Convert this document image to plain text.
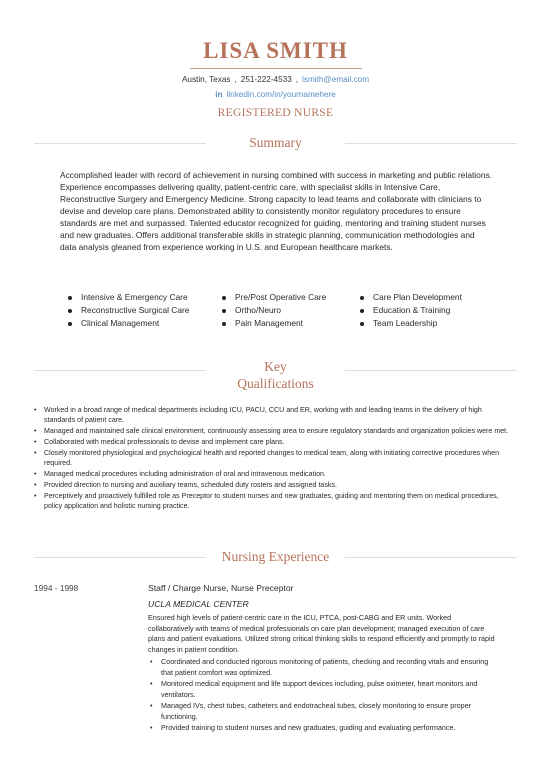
LISA SMITH
Austin, Texas , 251-222-4533 , lsmith@email.com
in linkedin.com/in/yournamehere
REGISTERED NURSE
Summary

Accomplished leader with record of achievement in nursing combined with success in marketing and public relations. Experience encompasses delivering quality, patient-centric care, with specialist skills in Intensive Care, Reconstructive Surgery and Emergency Medicine. Strong capacity to lead teams and collaborate with clinicians to devise and develop care plans. Demonstrated ability to consistently monitor regulatory procedures to ensure standards are met and surpassed. Talented educator recognized for guiding, mentoring and training student nurses and new graduates. Offers additional transferable skills in strategic planning, communication methodologies and data analysis gleaned from experience working in U.S. and European healthcare markets.

Intensive & Emergency Care
Reconstructive Surgical Care
Clinical Management
Pre/Post Operative Care
Ortho/Neuro
Pain Management
Care Plan Development
Education & Training
Team Leadership
Key
Qualifications
• Worked in a broad range of medical departments including ICU, PACU, CCU and ER, working with and leading teams in the delivery of high standards of patient care.
• Managed and maintained safe clinical environment, continuously assessing area to ensure regulatory standards and organization policies were met.
• Collaborated with medical professionals to devise and implement care plans.
• Closely monitored physiological and psychological health and reported changes to medical team, along with initiating corrective procedures when required.
• Managed medical procedures including administration of oral and intravenous medication.
• Provided direction to nursing and auxiliary teams, scheduled duty rosters and assigned tasks.
• Perceptively and proactively fulfilled role as Preceptor to student nurses and new graduates, guiding and mentoring them on medical procedures, policy application and holistic nursing practice.
Nursing Experience
1994 - 1998	Staff / Charge Nurse, Nurse Preceptor
UCLA MEDICAL CENTER

Ensured high levels of patient-centric care in the ICU, PTCA, post-CABG and ER units. Worked collaboratively with teams of medical professionals on care plan development; managed execution of care plans and patient evaluations. Utilized strong critical thinking skills to respond efficiently and promptly to rapid changes in patient condition.

• Coordinated and conducted rigorous monitoring of patients, checking and recording vitals and ensuring that patient comfort was optimized.
• Monitored medical equipment and life support devices including, pulse oximeter, heart monitors and ventilators.
• Managed IVs, chest tubes, catheters and endotracheal tubes, closely monitoring to ensure proper functioning.
• Provided training to student nurses and new graduates, guiding and evaluating performance.
